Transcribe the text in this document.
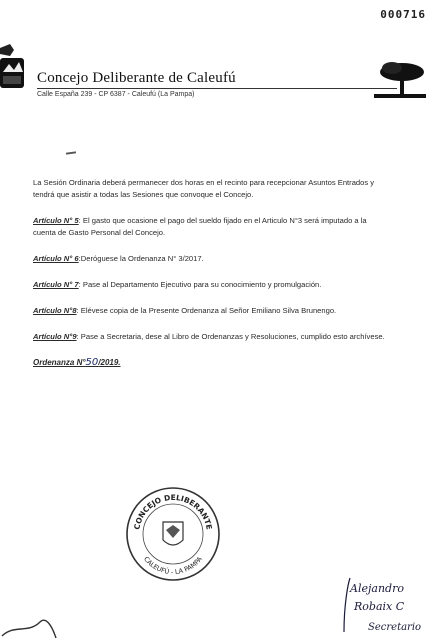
000716
Concejo Deliberante de Caleufú
Calle España 239 - CP 6387 - Caleufú (La Pampa)

La Sesión Ordinaria deberá permanecer dos horas en el recinto para recepcionar Asuntos Entrados y tendrá que asistir a todas las Sesiones que convoque el Concejo.

Artículo N° 5: El gasto que ocasione el pago del sueldo fijado en el Articulo N°3 será imputado a la cuenta de Gasto Personal del Concejo.

Artículo N° 6:Deróguese la Ordenanza N° 3/2017.

Artículo N° 7: Pase al Departamento Ejecutivo para su conocimiento y promulgación.

Artículo N°8: Elévese copia de la Presente Ordenanza al Señor Emiliano Silva Brunengo.

Artículo N°9: Pase a Secretaria, dese al Libro de Ordenanzas y Resoluciones, cumplido esto archívese.

Ordenanza N°50/2019.

CONCEJO DELIBERANTE
CALEUFÚ - LA PAMPA
Alejandro
Robaix C
Secretario
